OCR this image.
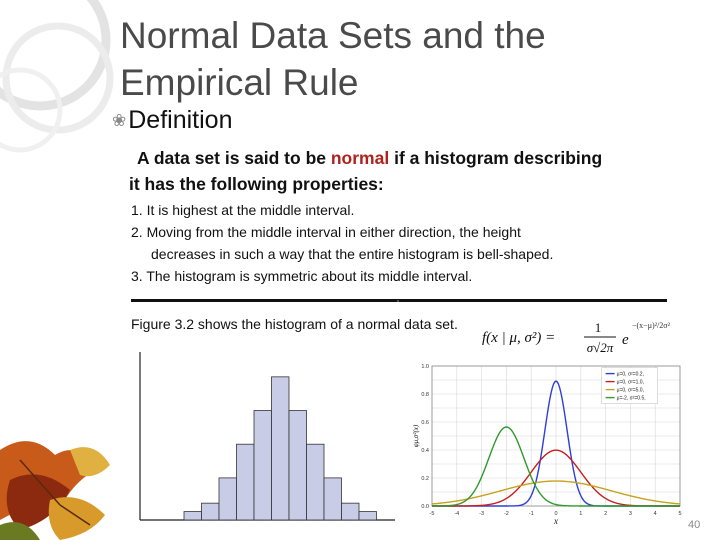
Normal Data Sets and the
Empirical Rule
❀ Definition
A data set is said to be normal if a histogram describing
it has the following properties:
1. It is highest at the middle interval.
2. Moving from the middle interval in either direction, the height
decreases in such a way that the entire histogram is bell-shaped.
3. The histogram is symmetric about its middle interval.
Figure 3.2 shows the histogram of a normal data set.
f(x | μ, σ²) =
1
σ√2π e
−(x−μ)²/2σ²
-5	-4	-3	-2	-1	0	1	2	3	4	5
0.0
0.2
0.4
0.6
0.8
1.0
x
φμ,σ²(x)
μ=0, σ²=0.2,
μ=0, σ²=1.0,
μ=0, σ²=5.0,
μ=-2, σ²=0.5,
40
